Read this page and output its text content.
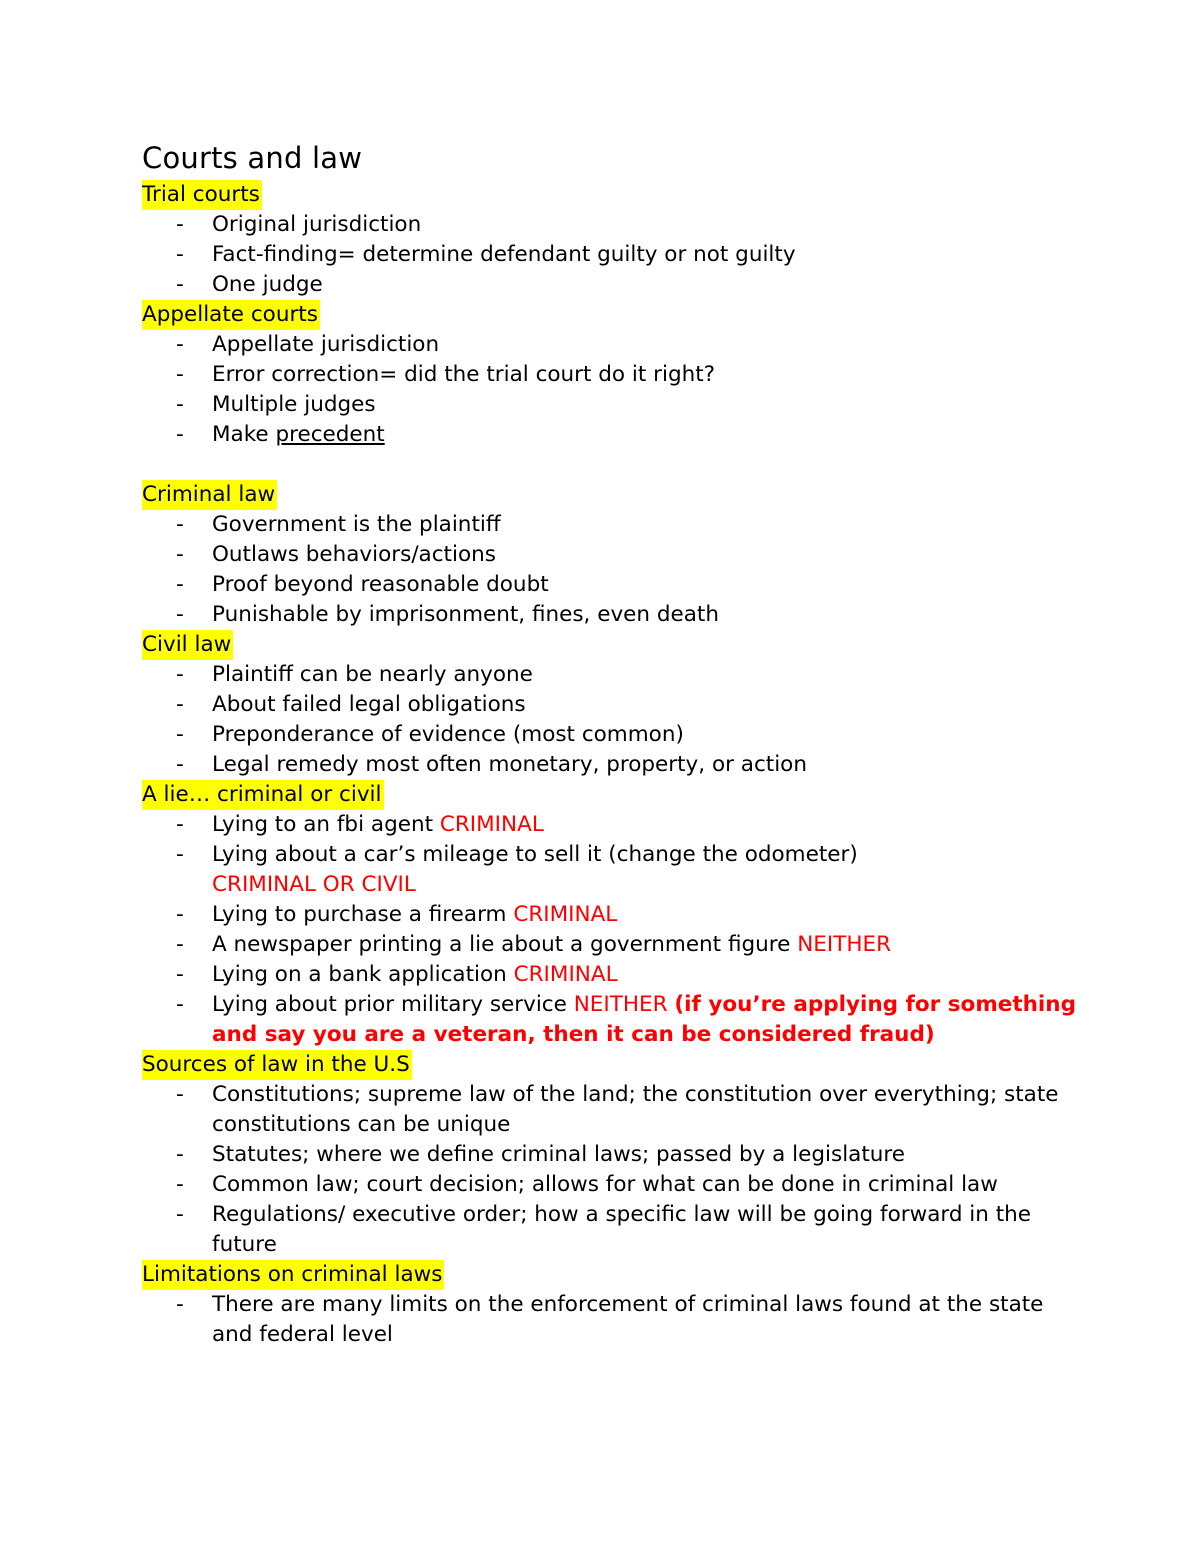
Courts and law
Trial courts
- Original jurisdiction
- Fact-finding= determine defendant guilty or not guilty
- One judge
Appellate courts
- Appellate jurisdiction
- Error correction= did the trial court do it right?
- Multiple judges
- Make precedent
Criminal law
- Government is the plaintiff
- Outlaws behaviors/actions
- Proof beyond reasonable doubt
- Punishable by imprisonment, fines, even death
Civil law
- Plaintiff can be nearly anyone
- About failed legal obligations
- Preponderance of evidence (most common)
- Legal remedy most often monetary, property, or action
A lie… criminal or civil
- Lying to an fbi agent CRIMINAL
- Lying about a car’s mileage to sell it (change the odometer)
CRIMINAL OR CIVIL
- Lying to purchase a firearm CRIMINAL
- A newspaper printing a lie about a government figure NEITHER
- Lying on a bank application CRIMINAL
- Lying about prior military service NEITHER (if you’re applying for something and say you are a veteran, then it can be considered fraud)
Sources of law in the U.S
- Constitutions; supreme law of the land; the constitution over everything; state constitutions can be unique
- Statutes; where we define criminal laws; passed by a legislature
- Common law; court decision; allows for what can be done in criminal law
- Regulations/ executive order; how a specific law will be going forward in the future
Limitations on criminal laws
- There are many limits on the enforcement of criminal laws found at the state and federal level
